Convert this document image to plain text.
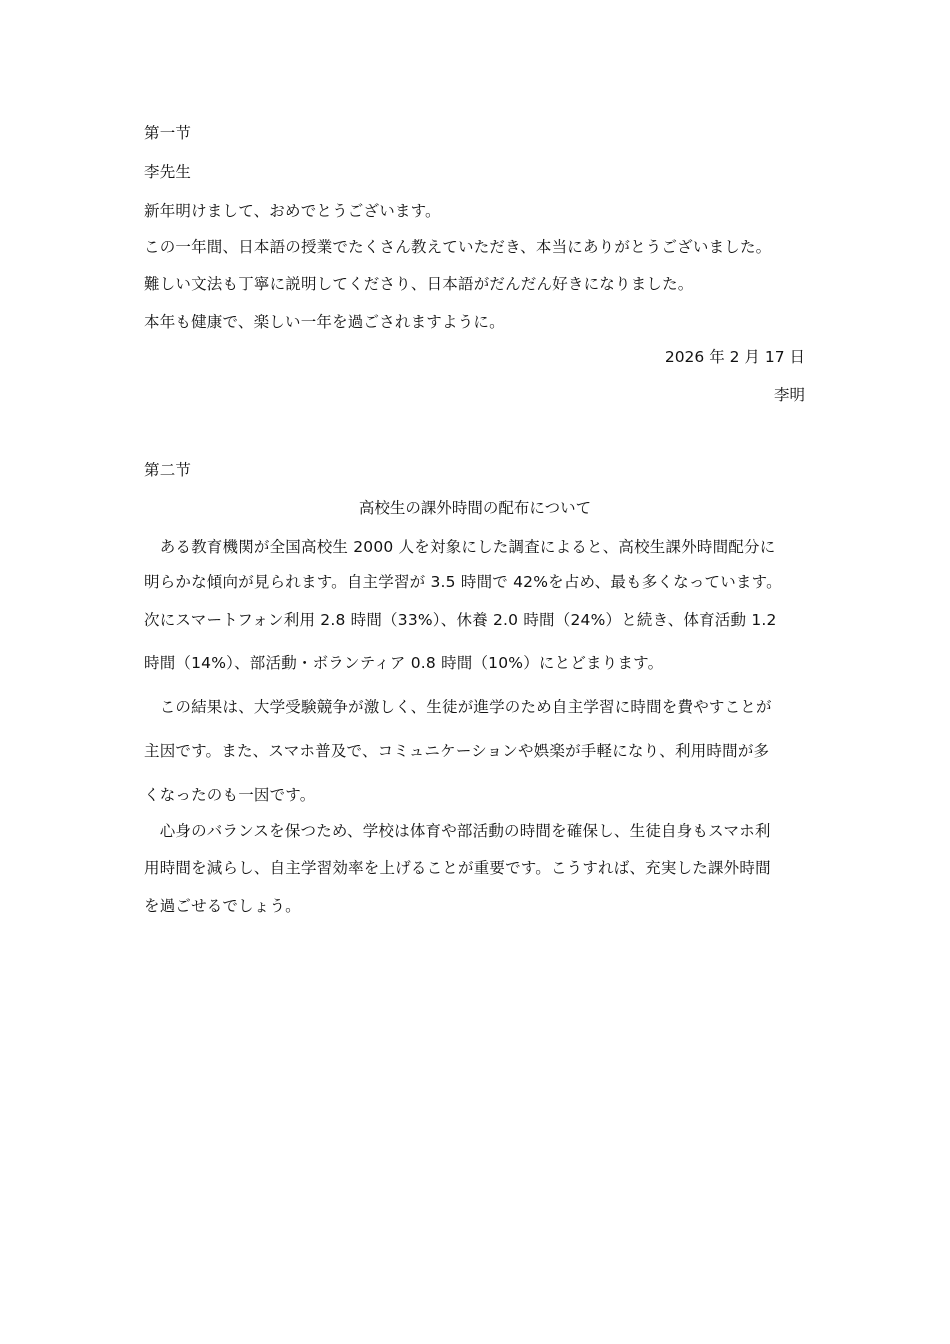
第一节
李先生
新年明けまして、おめでとうございます。
この一年間、日本語の授業でたくさん教えていただき、本当にありがとうございました。
難しい文法も丁寧に説明してくださり、日本語がだんだん好きになりました。
本年も健康で、楽しい一年を過ごされますように。
2026 年 2 月 17 日
李明
第二节
高校生の課外時間の配布について
　ある教育機関が全国高校生 2000 人を対象にした調査によると、高校生課外時間配分に
明らかな傾向が見られます。自主学習が 3.5 時間で 42%を占め、最も多くなっています。
次にスマートフォン利用 2.8 時間（33%）、休養 2.0 時間（24%）と続き、体育活動 1.2
時間（14%）、部活動・ボランティア 0.8 時間（10%）にとどまります。
　この結果は、大学受験競争が激しく、生徒が進学のため自主学習に時間を費やすことが
主因です。また、スマホ普及で、コミュニケーションや娯楽が手軽になり、利用時間が多
くなったのも一因です。
　心身のバランスを保つため、学校は体育や部活動の時間を確保し、生徒自身もスマホ利
用時間を減らし、自主学習効率を上げることが重要です。こうすれば、充実した課外時間
を過ごせるでしょう。
